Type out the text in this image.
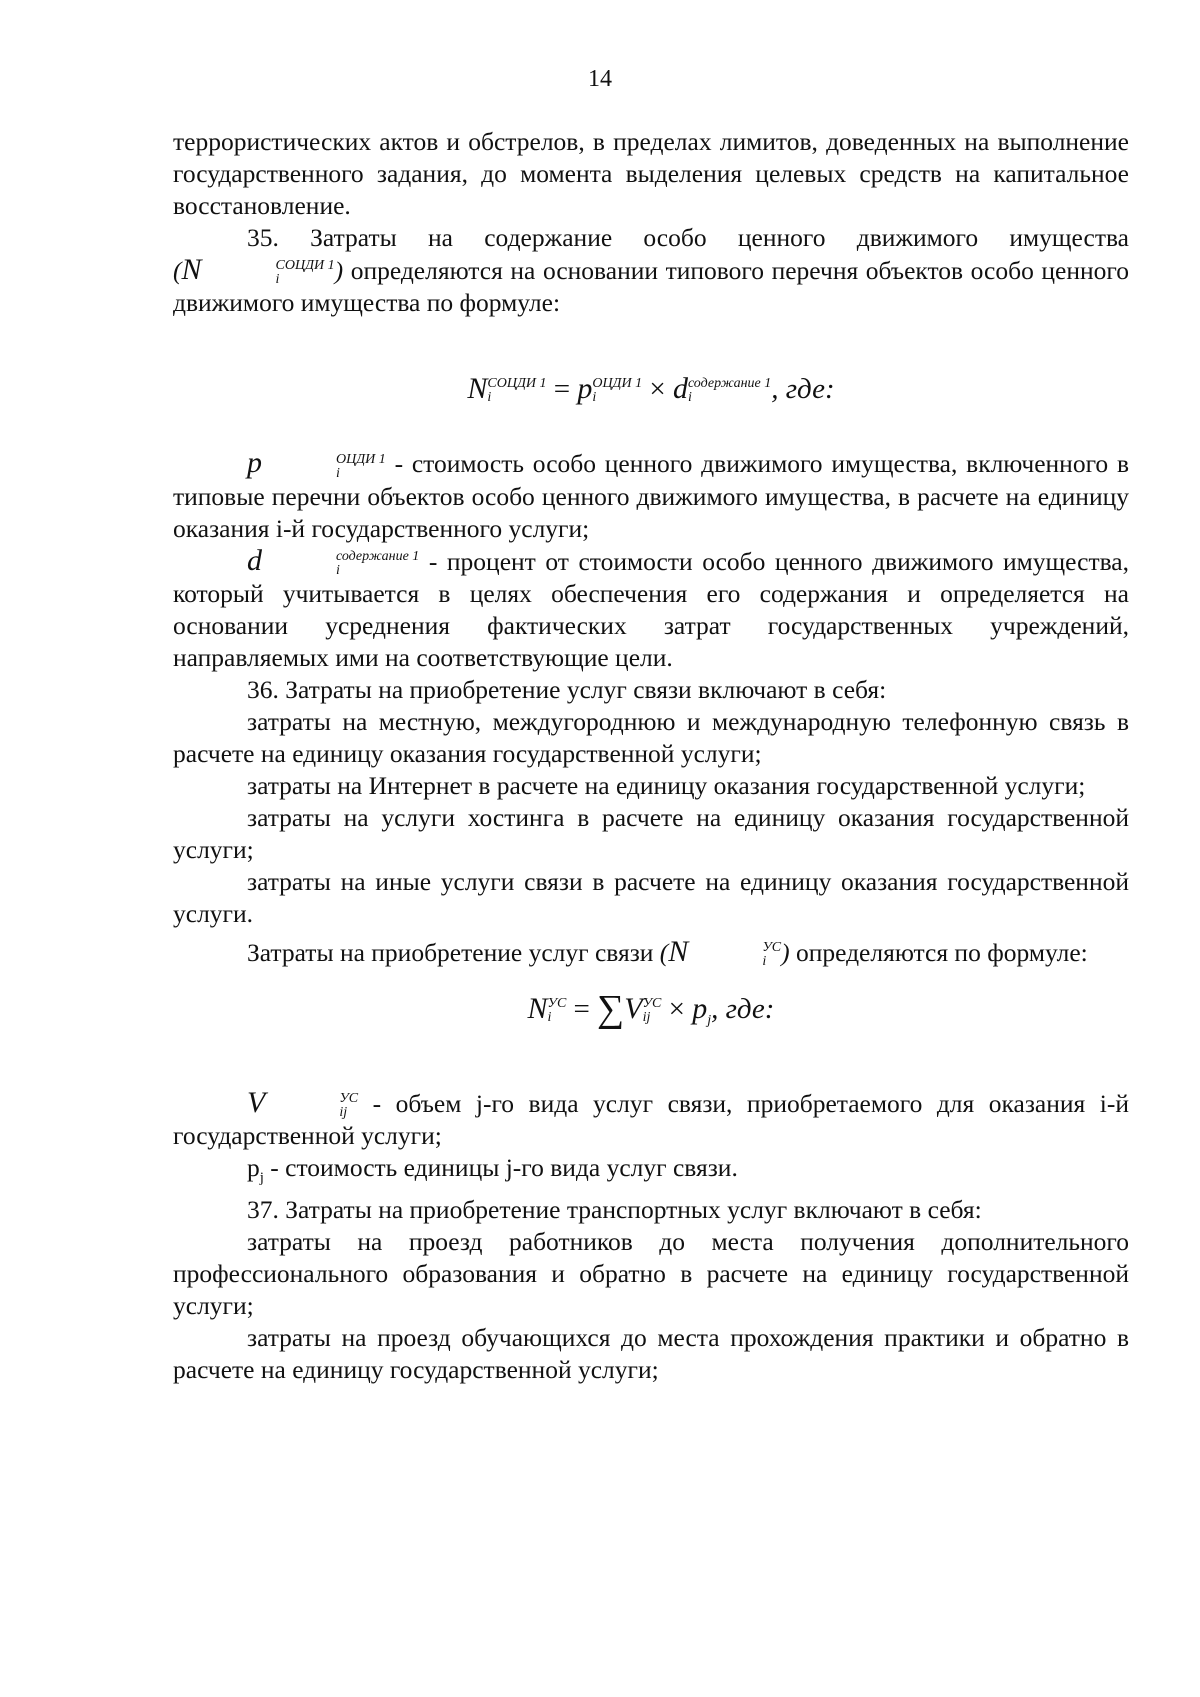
14

террористических актов и обстрелов, в пределах лимитов, доведенных на выполнение государственного задания, до момента выделения целевых средств на капитальное восстановление.

35. Затраты на содержание особо ценного движимого имущества (N	СОЦДИ 1
i	) определяются на основании типового перечня объектов особо ценного движимого имущества по формуле:

N СОЦДИ 1
i	= p ОЦДИ 1
i	× d содержание 1
i	, где:

p	ОЦДИ 1
i	- стоимость особо ценного движимого имущества, включенного в типовые перечни объектов особо ценного движимого имущества, в расчете на единицу оказания i-й государственного услуги;

d	содержание 1
i	- процент от стоимости особо ценного движимого имущества, который учитывается в целях обеспечения его содержания и определяется на основании усреднения фактических затрат государственных учреждений, направляемых ими на соответствующие цели.

36. Затраты на приобретение услуг связи включают в себя:

затраты на местную, междугороднюю и международную телефонную связь в расчете на единицу оказания государственной услуги;

затраты на Интернет в расчете на единицу оказания государственной услуги;

затраты на услуги хостинга в расчете на единицу оказания государственной услуги;

затраты на иные услуги связи в расчете на единицу оказания государственной услуги.

Затраты на приобретение услуг связи (N	УС
i ) определяются по формуле:

N УС
i = ∑V УС
ij × $p_j$, где:

V	УС
ij	- объем j-го вида услуг связи, приобретаемого для оказания i-й государственной услуги;

$p_j$ - стоимость единицы j-го вида услуг связи.

37. Затраты на приобретение транспортных услуг включают в себя:

затраты на проезд работников до места получения дополнительного профессионального образования и обратно в расчете на единицу государственной услуги;

затраты на проезд обучающихся до места прохождения практики и обратно в расчете на единицу государственной услуги;
